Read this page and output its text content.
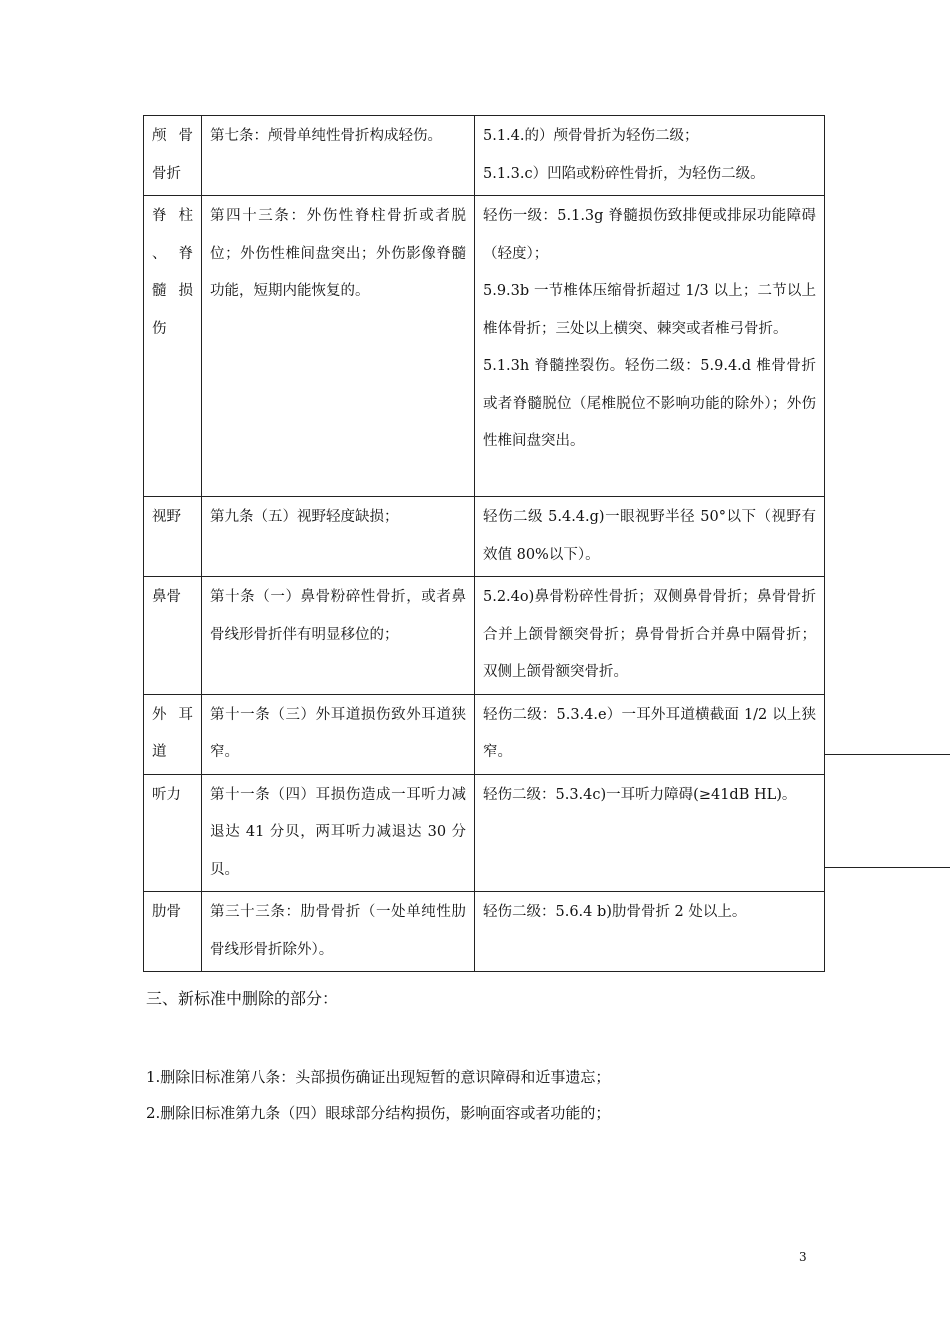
颅 骨 骨折	第七条：颅骨单纯性骨折构成轻伤。	5.1.4.的）颅骨骨折为轻伤二级；
5.1.3.c）凹陷或粉碎性骨折，为轻伤二级。

脊 柱 、 脊 髓 损伤	第四十三条：外伤性脊柱骨折或者脱位；外伤性椎间盘突出；外伤影像脊髓功能，短期内能恢复的。	轻伤一级：5.1.3g 脊髓损伤致排便或排尿功能障碍（轻度）；
5.9.3b 一节椎体压缩骨折超过 1/3 以上；二节以上椎体骨折；三处以上横突、棘突或者椎弓骨折。
5.1.3h 脊髓挫裂伤。轻伤二级：5.9.4.d 椎骨骨折或者脊髓脱位（尾椎脱位不影响功能的除外）；外伤性椎间盘突出。

视野	第九条（五）视野轻度缺损；	轻伤二级 5.4.4.g)一眼视野半径 50°以下（视野有效值 80%以下）。

鼻骨	第十条（一）鼻骨粉碎性骨折，或者鼻骨线形骨折伴有明显移位的；	5.2.4o)鼻骨粉碎性骨折；双侧鼻骨骨折；鼻骨骨折合并上颌骨额突骨折；鼻骨骨折合并鼻中隔骨折；双侧上颌骨额突骨折。

外 耳 道	第十一条（三）外耳道损伤致外耳道狭窄。	轻伤二级：5.3.4.e）一耳外耳道横截面 1/2 以上狭窄。

听力	第十一条（四）耳损伤造成一耳听力减退达 41 分贝，两耳听力减退达 30 分贝。	轻伤二级：5.3.4c)一耳听力障碍(≥41dB HL)。

肋骨	第三十三条：肋骨骨折（一处单纯性肋骨线形骨折除外）。	轻伤二级：5.6.4 b)肋骨骨折 2 处以上。
三、新标准中删除的部分：
1.删除旧标准第八条：头部损伤确证出现短暂的意识障碍和近事遗忘；
2.删除旧标准第九条（四）眼球部分结构损伤，影响面容或者功能的；
3
